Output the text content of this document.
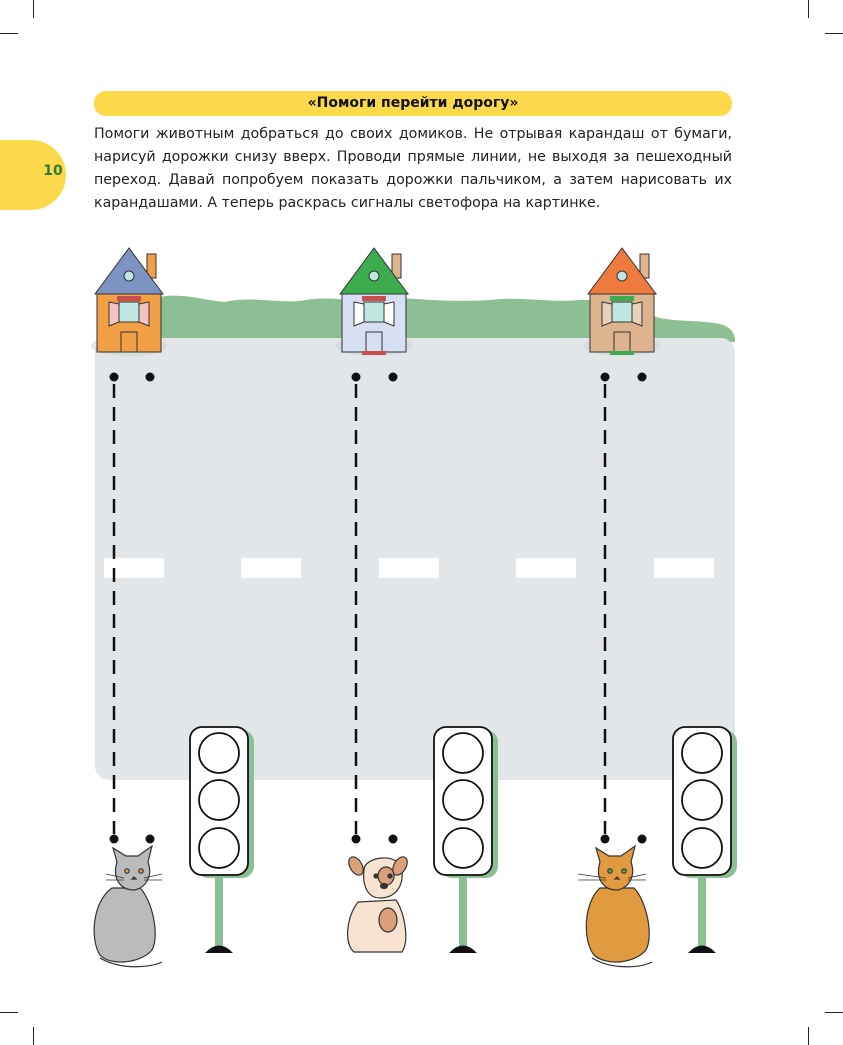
10
«Помоги перейти дорогу»

Помоги животным добраться до своих домиков. Не отрывая карандаш от бумаги, нарисуй дорожки снизу вверх. Проводи прямые линии, не выходя за пешеходный переход. Давай попробуем показать дорожки пальчиком, а затем нарисовать их карандашами. А теперь раскрась сигналы светофора на картинке.
